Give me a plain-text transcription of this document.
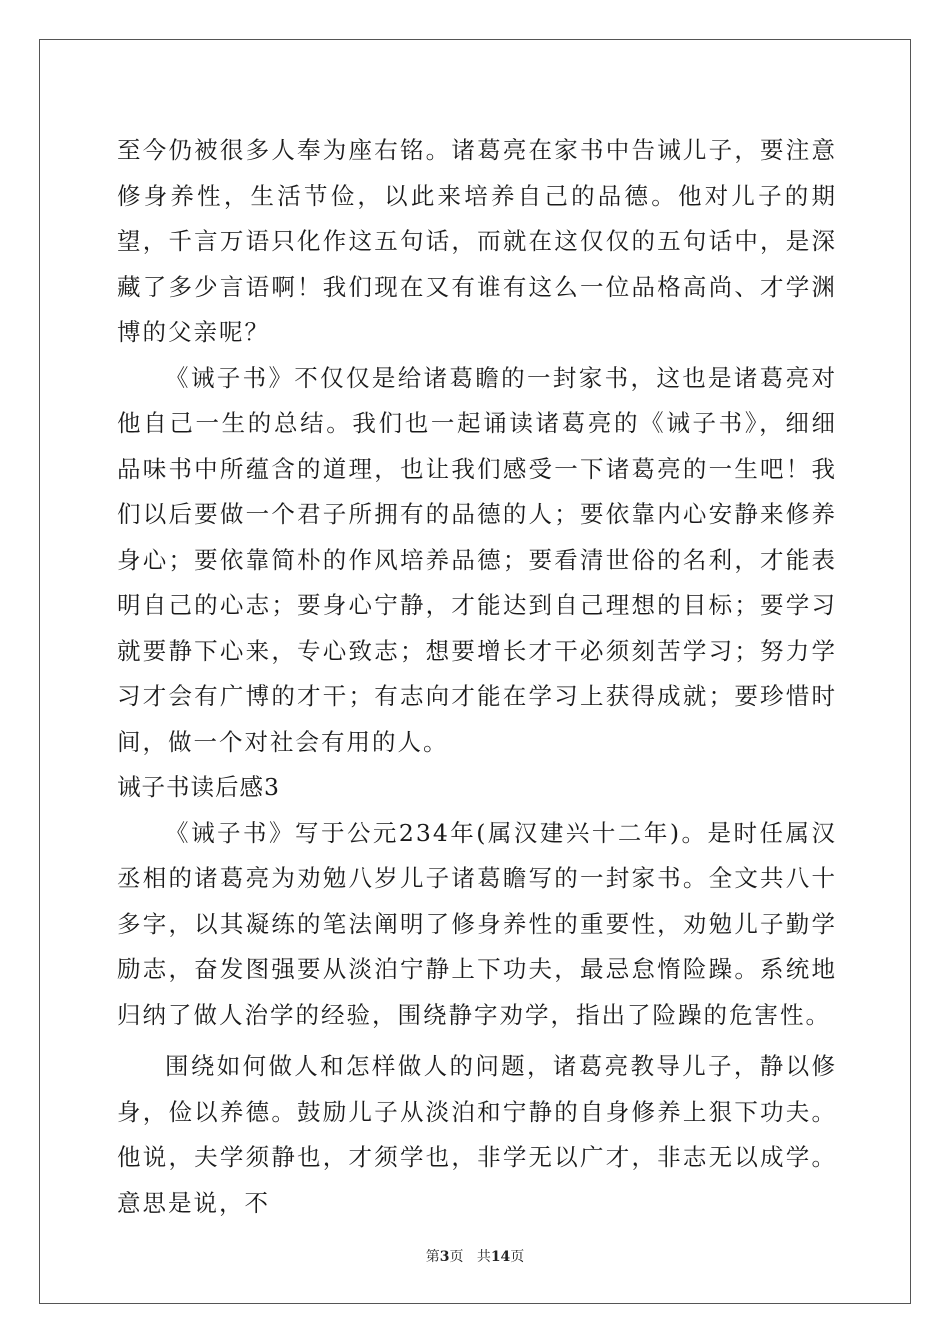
至今仍被很多人奉为座右铭。诸葛亮在家书中告诫儿子，要注意修身养性，生活节俭，以此来培养自己的品德。他对儿子的期望，千言万语只化作这五句话，而就在这仅仅的五句话中，是深藏了多少言语啊！我们现在又有谁有这么一位品格高尚、才学渊博的父亲呢？

《诫子书》不仅仅是给诸葛瞻的一封家书，这也是诸葛亮对他自己一生的总结。我们也一起诵读诸葛亮的《诫子书》，细细品味书中所蕴含的道理，也让我们感受一下诸葛亮的一生吧！我们以后要做一个君子所拥有的品德的人；要依靠内心安静来修养身心；要依靠简朴的作风培养品德；要看清世俗的名利，才能表明自己的心志；要身心宁静，才能达到自己理想的目标；要学习就要静下心来，专心致志；想要增长才干必须刻苦学习；努力学习才会有广博的才干；有志向才能在学习上获得成就；要珍惜时间，做一个对社会有用的人。

诫子书读后感3

《诫子书》写于公元234年(属汉建兴十二年)。是时任属汉丞相的诸葛亮为劝勉八岁儿子诸葛瞻写的一封家书。全文共八十多字，以其凝练的笔法阐明了修身养性的重要性，劝勉儿子勤学励志，奋发图强要从淡泊宁静上下功夫，最忌怠惰险躁。系统地归纳了做人治学的经验，围绕静字劝学，指出了险躁的危害性。

围绕如何做人和怎样做人的问题，诸葛亮教导儿子，静以修身，俭以养德。鼓励儿子从淡泊和宁静的自身修养上狠下功夫。他说，夫学须静也，才须学也，非学无以广才，非志无以成学。意思是说，不

第3页 共14页
